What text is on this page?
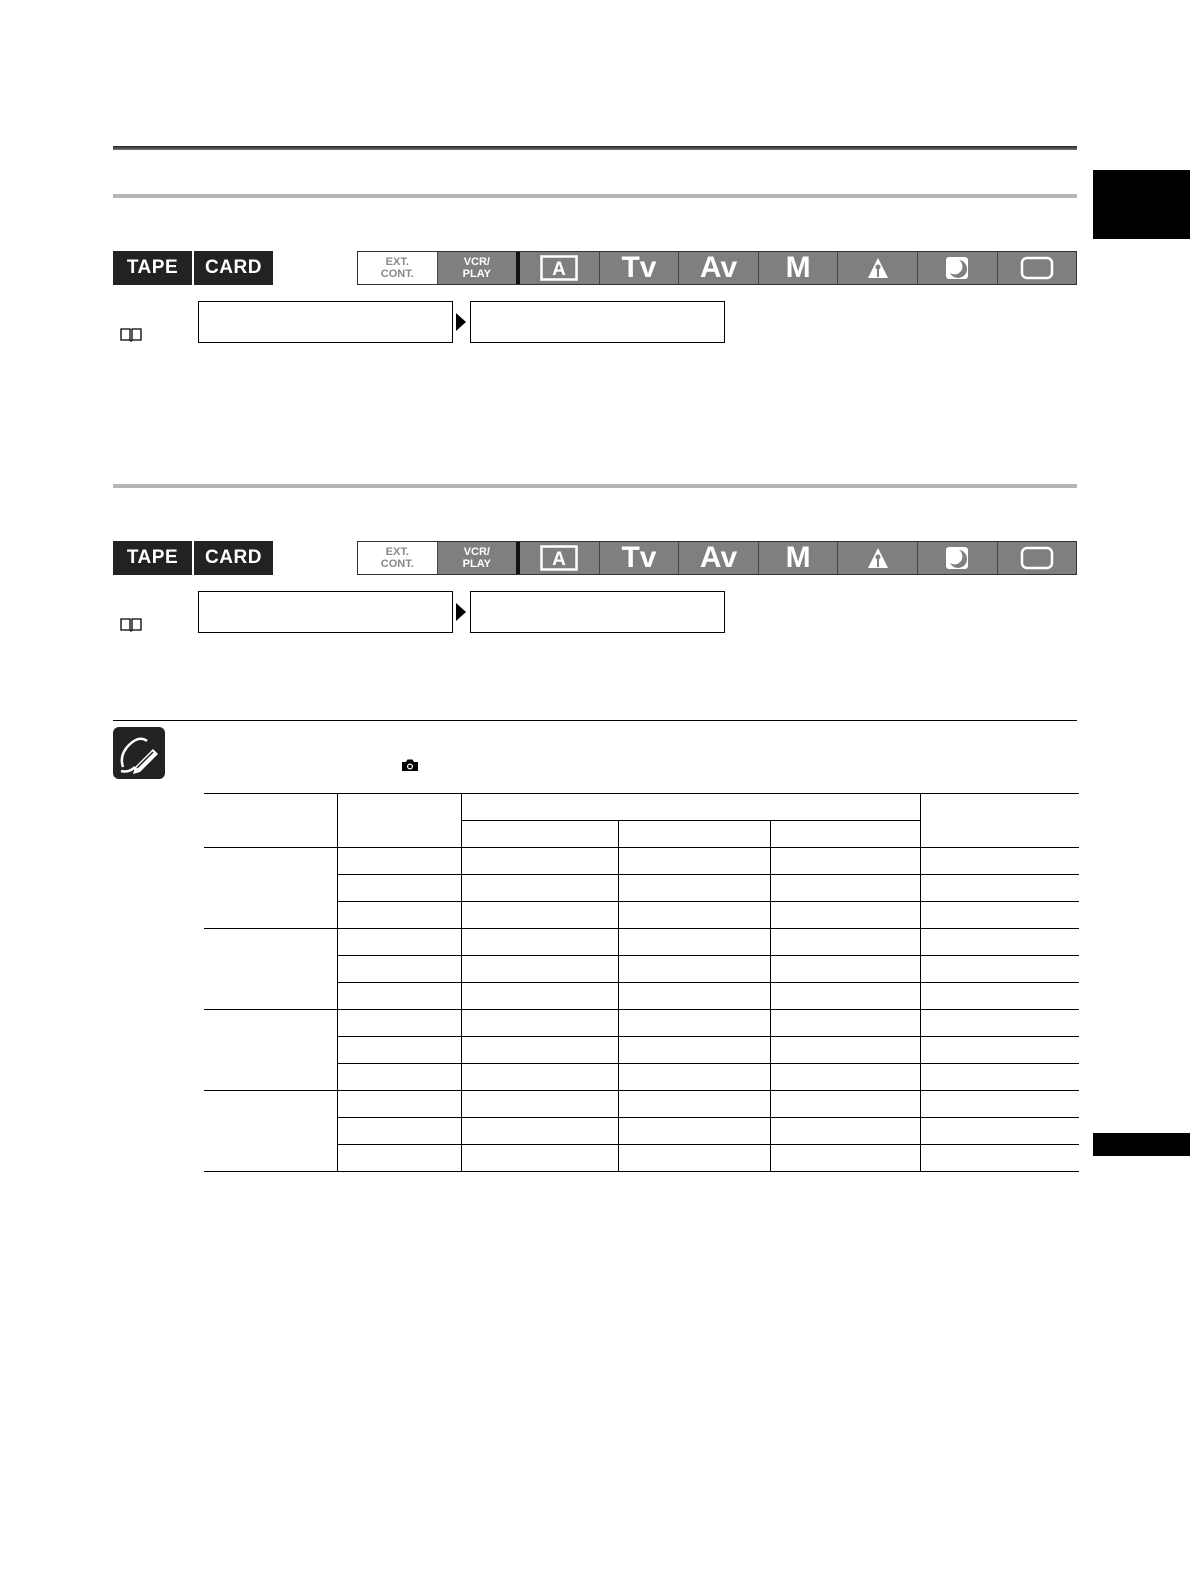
TAPE	CARD	EXT.
CONT.
VCR/
PLAY	A Tv Av M
TAPE	CARD	EXT.
CONT.
VCR/
PLAY	A Tv Av M
